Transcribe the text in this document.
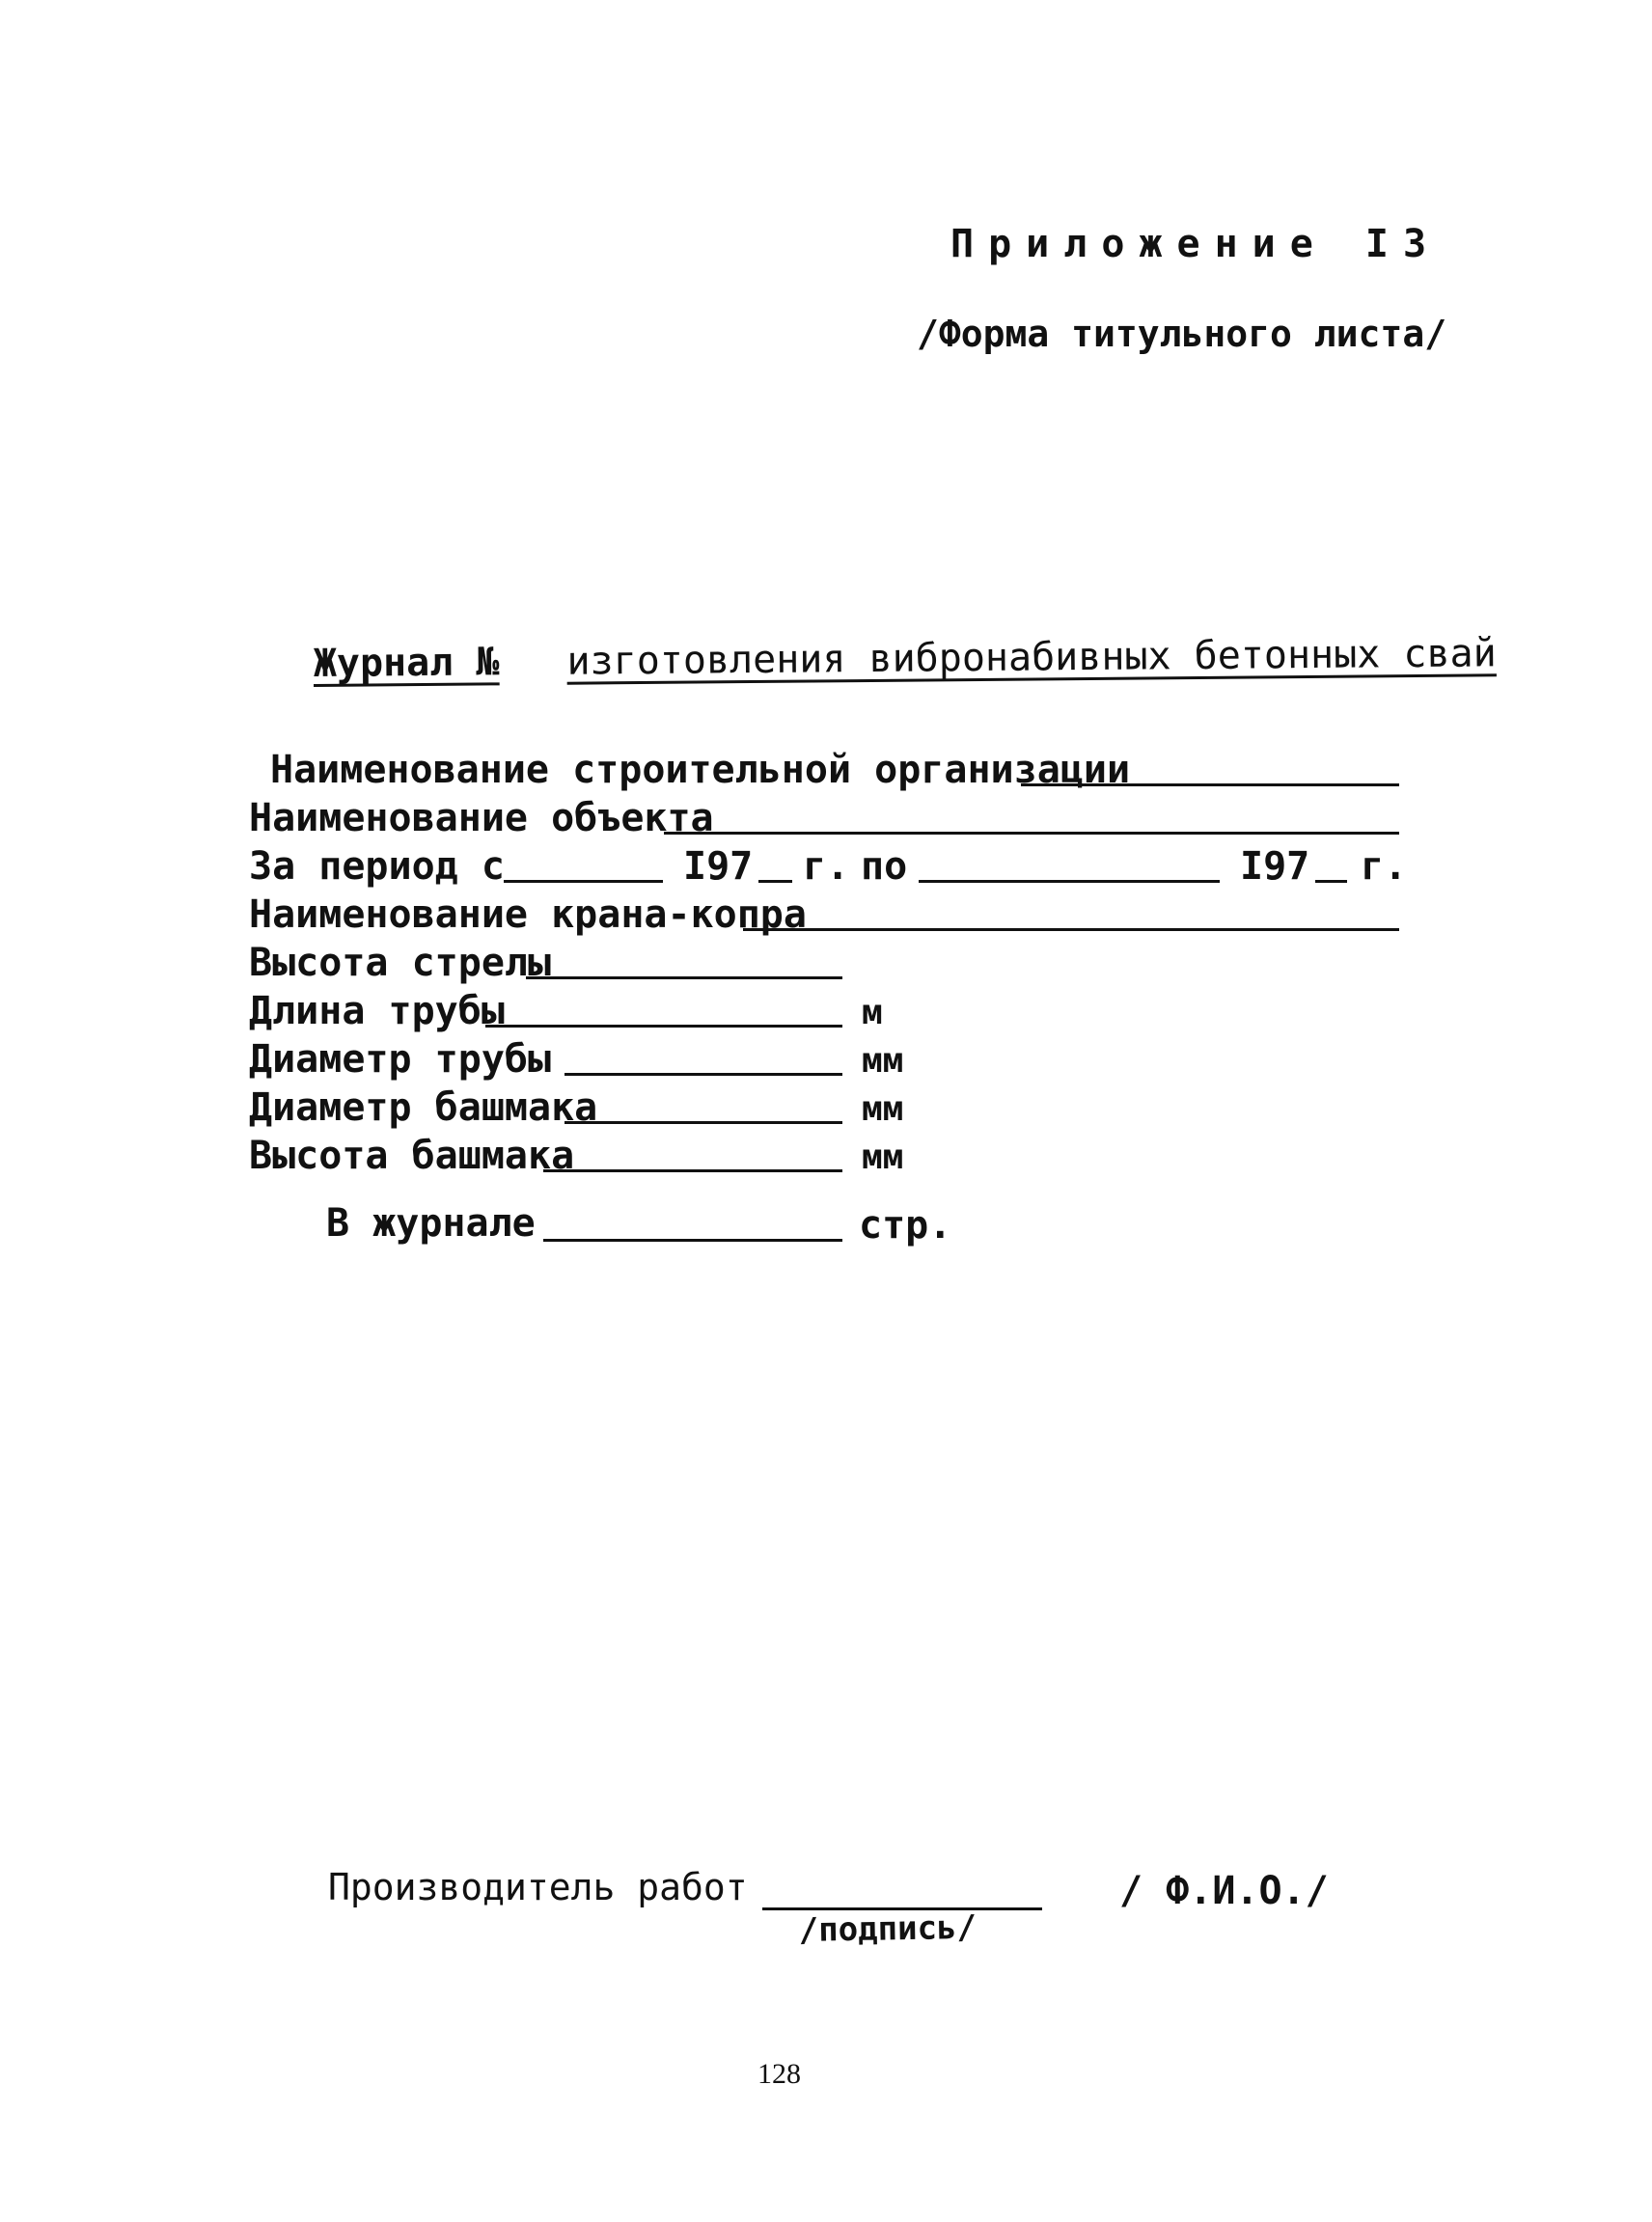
Приложение I3
/Форма титульного листа/
Журнал № изготовления вибронабивных бетонных свай
Наименование строительной организации
Наименование объекта
За период с	I97 г. по	I97 г.
Наименование крана-копра
Высота стрелы
Длина трубы	м
Диаметр трубы	мм
Диаметр башмака	мм
Высота башмака	мм
В журнале	стр.
Производитель работ
/подпись/
/ Ф.И.О./
128
